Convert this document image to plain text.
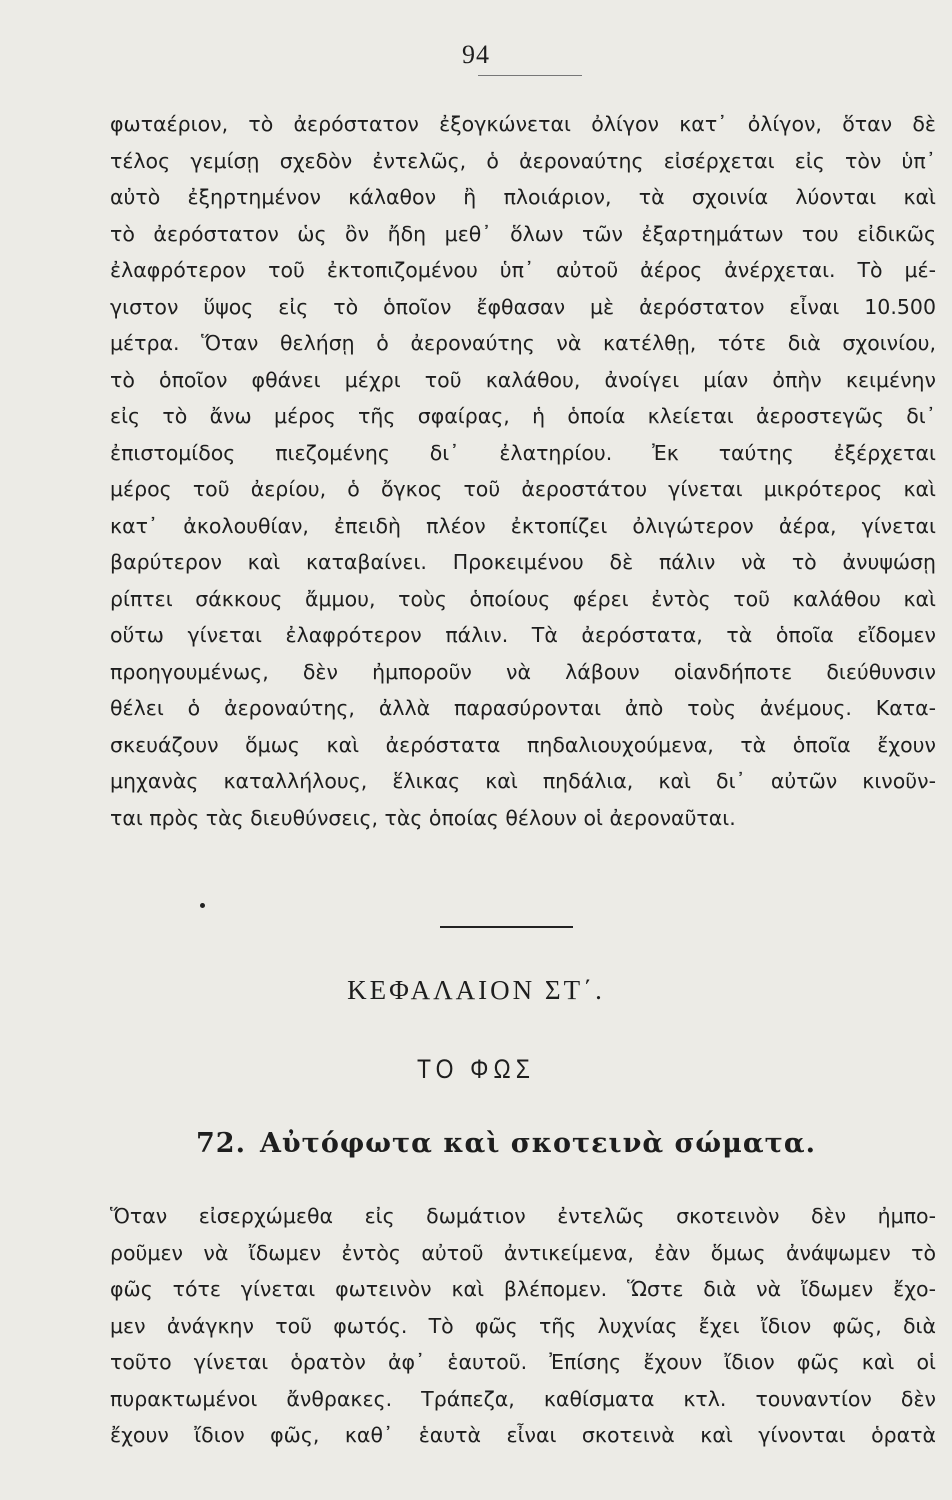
94
φωταέριον, τὸ ἀερόστατον ἐξογκώνεται ὀλίγον κατ᾽ ὀλίγον, ὅταν δὲ
τέλος γεμίσῃ σχεδὸν ἐντελῶς, ὁ ἀεροναύτης εἰσέρχεται εἰς τὸν ὑπ᾽
αὐτὸ ἐξηρτημένον κάλαθον ἢ πλοιάριον, τὰ σχοινία λύονται καὶ
τὸ ἀερόστατον ὡς ὂν ἤδη μεθ᾽ ὅλων τῶν ἐξαρτημάτων του εἰδικῶς
ἐλαφρότερον τοῦ ἐκτοπιζομένου ὑπ᾽ αὐτοῦ ἀέρος ἀνέρχεται. Τὸ μέ-
γιστον ὕψος εἰς τὸ ὁποῖον ἔφθασαν μὲ ἀερόστατον εἶναι 10.500
μέτρα. Ὅταν θελήσῃ ὁ ἀεροναύτης νὰ κατέλθῃ, τότε διὰ σχοινίου,
τὸ ὁποῖον φθάνει μέχρι τοῦ καλάθου, ἀνοίγει μίαν ὀπὴν κειμένην
εἰς τὸ ἄνω μέρος τῆς σφαίρας, ἡ ὁποία κλείεται ἀεροστεγῶς δι᾽
ἐπιστομίδος πιεζομένης δι᾽ ἐλατηρίου. Ἐκ ταύτης ἐξέρχεται
μέρος τοῦ ἀερίου, ὁ ὄγκος τοῦ ἀεροστάτου γίνεται μικρότερος καὶ
κατ᾽ ἀκολουθίαν, ἐπειδὴ πλέον ἐκτοπίζει ὀλιγώτερον ἀέρα, γίνεται
βαρύτερον καὶ καταβαίνει. Προκειμένου δὲ πάλιν νὰ τὸ ἀνυψώσῃ
ρίπτει σάκκους ἄμμου, τοὺς ὁποίους φέρει ἐντὸς τοῦ καλάθου καὶ
οὕτω γίνεται ἐλαφρότερον πάλιν. Τὰ ἀερόστατα, τὰ ὁποῖα εἴδομεν
προηγουμένως, δὲν ἠμποροῦν νὰ λάβουν οἱανδήποτε διεύθυνσιν
θέλει ὁ ἀεροναύτης, ἀλλὰ παρασύρονται ἀπὸ τοὺς ἀνέμους. Κατα-
σκευάζουν ὅμως καὶ ἀερόστατα πηδαλιουχούμενα, τὰ ὁποῖα ἔχουν
μηχανὰς καταλλήλους, ἕλικας καὶ πηδάλια, καὶ δι᾽ αὐτῶν κινοῦν-
ται πρὸς τὰς διευθύνσεις, τὰς ὁποίας θέλουν οἱ ἀεροναῦται.
ΚΕΦΑΛΑΙΟΝ ΣΤ΄.
ΤΟ ΦΩΣ
72. Αὐτόφωτα καὶ σκοτεινὰ σώματα.
Ὅταν εἰσερχώμεθα εἰς δωμάτιον ἐντελῶς σκοτεινὸν δὲν ἠμπο-
ροῦμεν νὰ ἴδωμεν ἐντὸς αὐτοῦ ἀντικείμενα, ἐὰν ὅμως ἀνάψωμεν τὸ
φῶς τότε γίνεται φωτεινὸν καὶ βλέπομεν. Ὥστε διὰ νὰ ἴδωμεν ἔχο-
μεν ἀνάγκην τοῦ φωτός. Τὸ φῶς τῆς λυχνίας ἔχει ἴδιον φῶς, διὰ
τοῦτο γίνεται ὁρατὸν ἀφ᾽ ἑαυτοῦ. Ἐπίσης ἔχουν ἴδιον φῶς καὶ οἱ
πυρακτωμένοι ἄνθρακες. Τράπεζα, καθίσματα κτλ. τουναντίον δὲν
ἔχουν ἴδιον φῶς, καθ᾽ ἑαυτὰ εἶναι σκοτεινὰ καὶ γίνονται ὁρατὰ
